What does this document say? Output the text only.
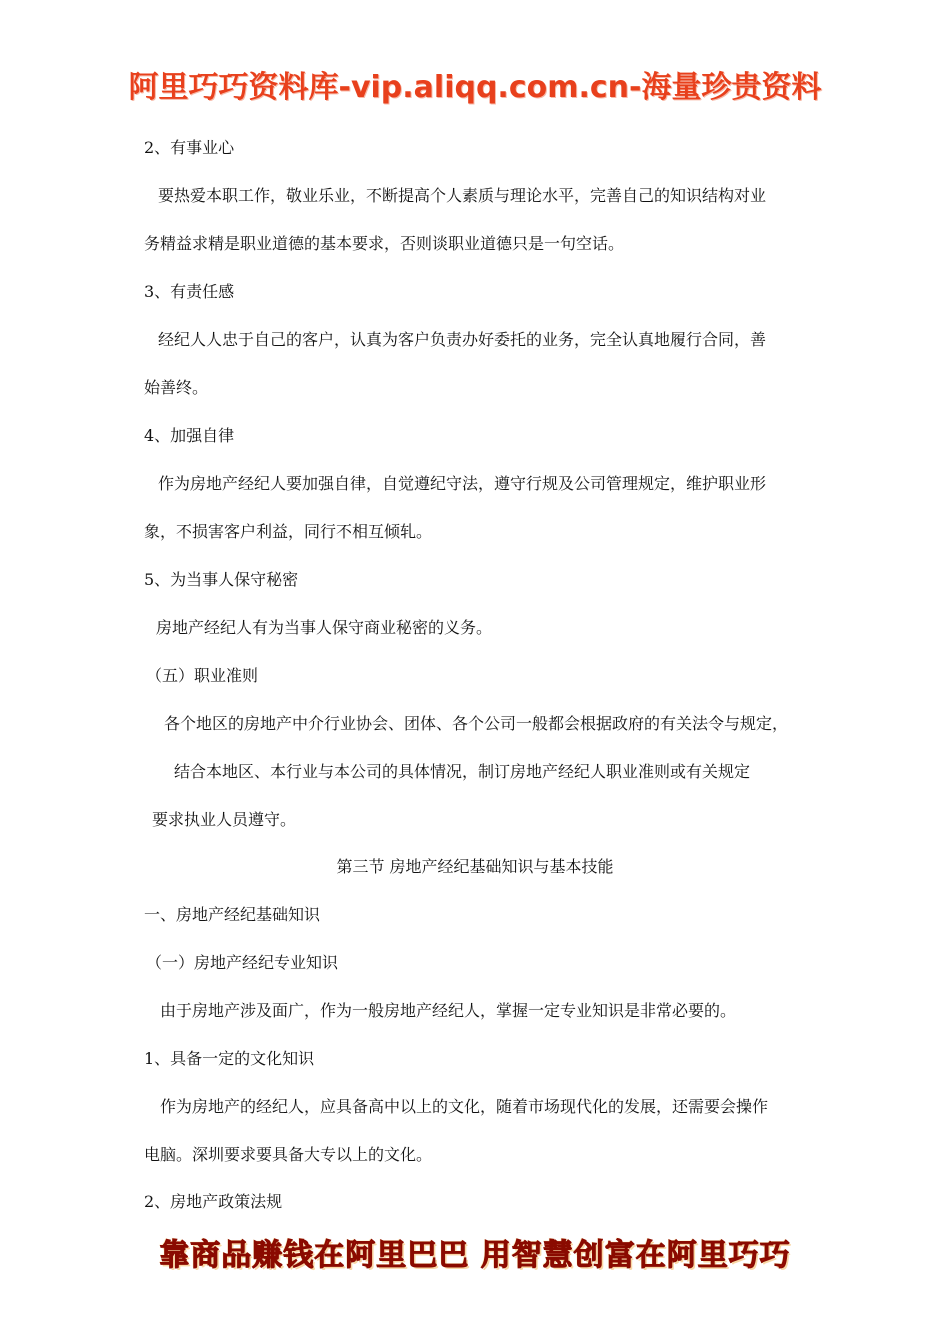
阿里巧巧资料库-vip.aliqq.com.cn-海量珍贵资料
2、有事业心
要热爱本职工作，敬业乐业，不断提高个人素质与理论水平，完善自己的知识结构对业
务精益求精是职业道德的基本要求，否则谈职业道德只是一句空话。
3、有责任感
经纪人人忠于自己的客户，认真为客户负责办好委托的业务，完全认真地履行合同，善
始善终。
4、加强自律
作为房地产经纪人要加强自律，自觉遵纪守法，遵守行规及公司管理规定，维护职业形
象，不损害客户利益，同行不相互倾轧。
5、为当事人保守秘密
房地产经纪人有为当事人保守商业秘密的义务。
（五）职业准则
各个地区的房地产中介行业协会、团体、各个公司一般都会根据政府的有关法令与规定，
结合本地区、本行业与本公司的具体情况，制订房地产经纪人职业准则或有关规定
要求执业人员遵守。
第三节 房地产经纪基础知识与基本技能
一、房地产经纪基础知识
（一）房地产经纪专业知识
由于房地产涉及面广，作为一般房地产经纪人，掌握一定专业知识是非常必要的。
1、具备一定的文化知识
作为房地产的经纪人，应具备高中以上的文化，随着市场现代化的发展，还需要会操作
电脑。深圳要求要具备大专以上的文化。
2、房地产政策法规
靠商品赚钱在阿里巴巴 用智慧创富在阿里巧巧
